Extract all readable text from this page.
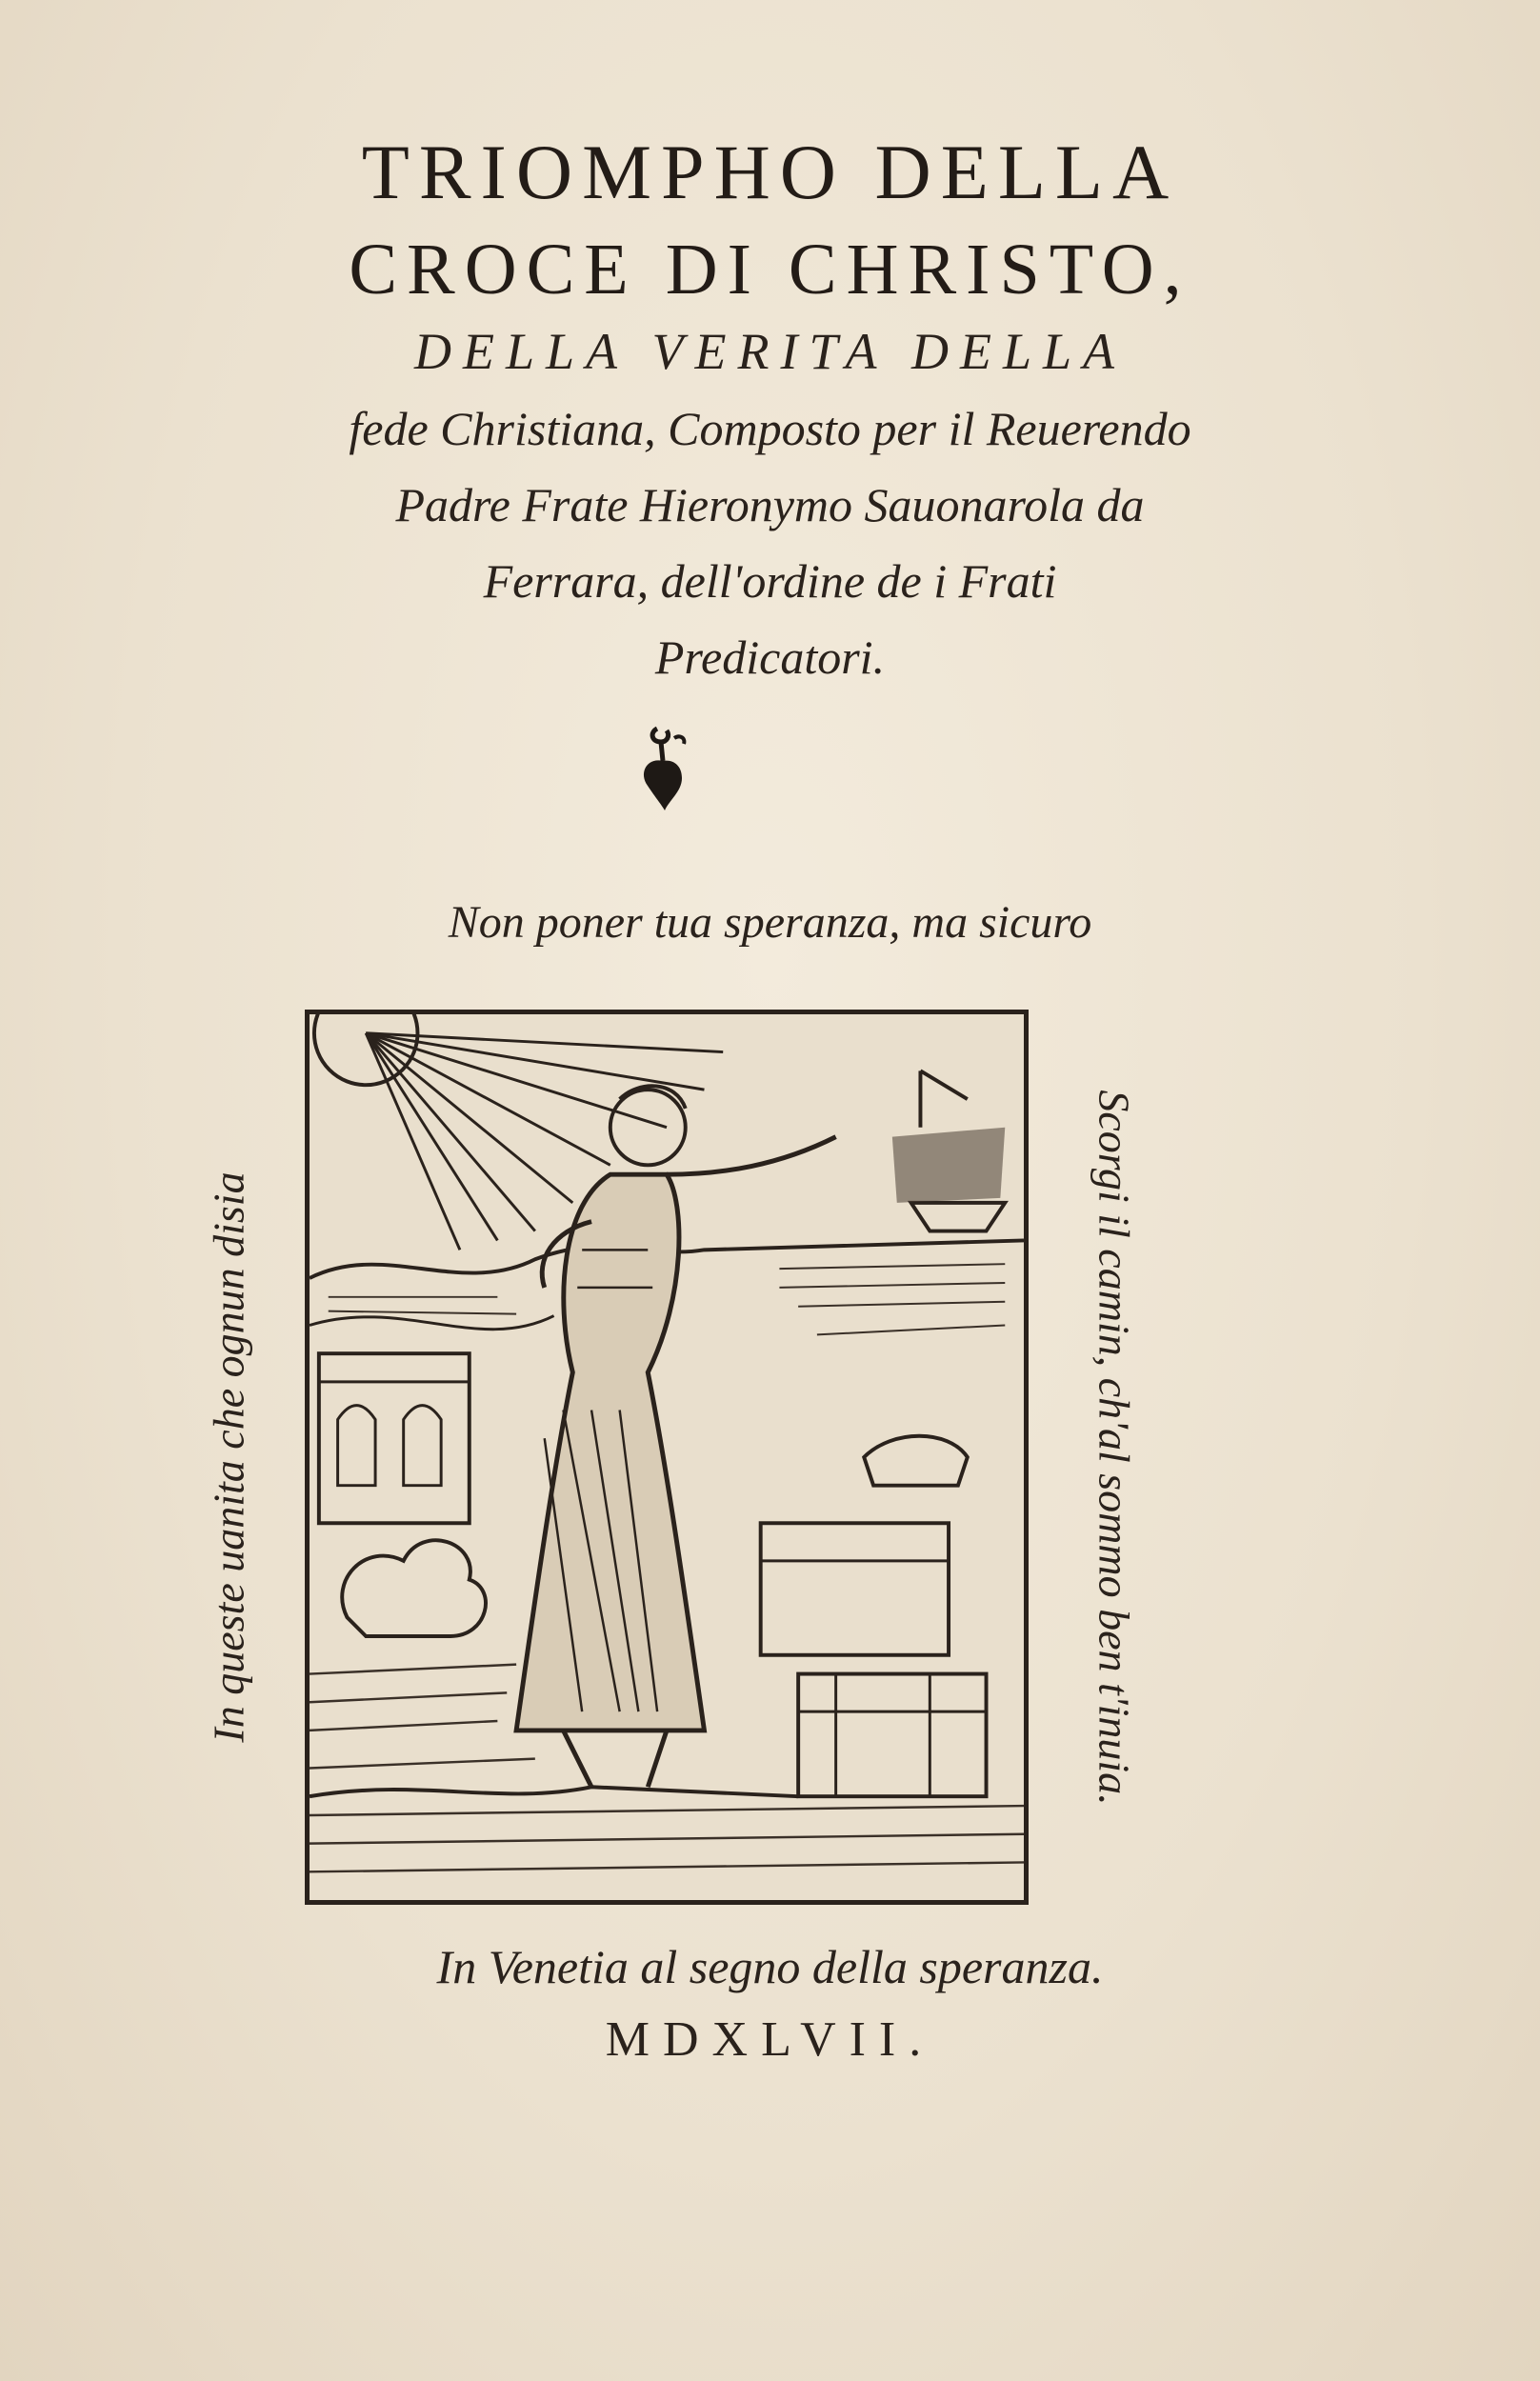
TRIOMPHO DELLA
CROCE DI CHRISTO,
DELLA VERITA DELLA
fede Christiana, Composto per il Reuerendo
Padre Frate Hieronymo Sauonarola da
Ferrara, dell'ordine de i Frati
Predicatori.
Non poner tua speranza, ma sicuro
In queste uanita che ognun disia	Scorgi il camin, ch'al sommo ben t'inuia.
In Venetia al segno della speranza.
MDXLVII.
